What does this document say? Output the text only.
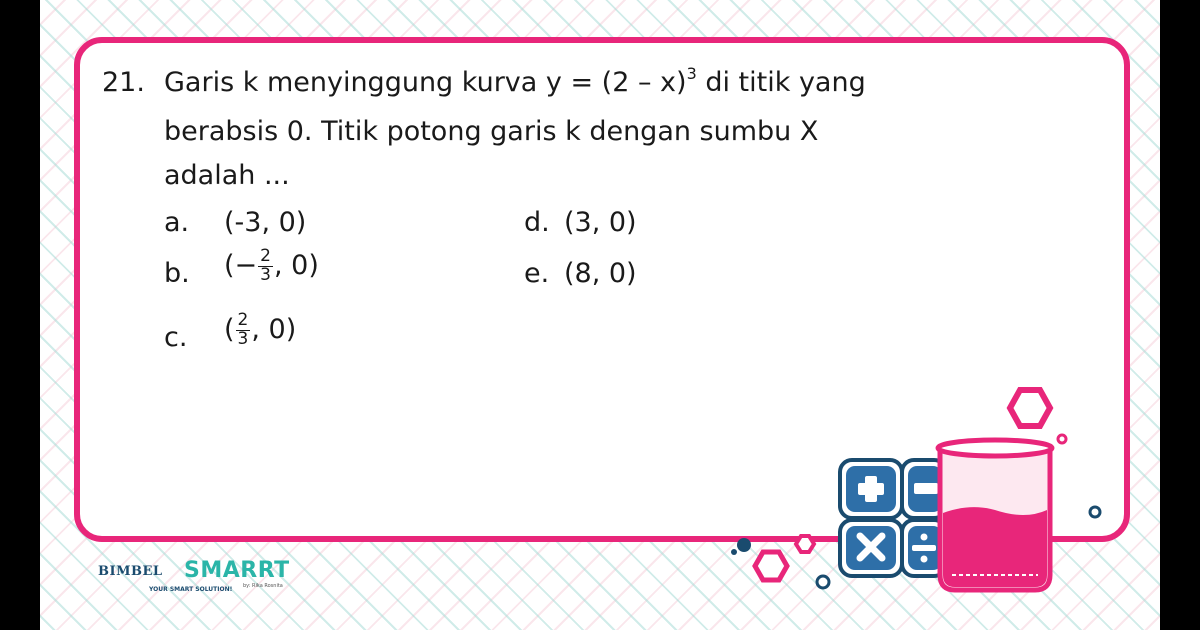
21. Garis k menyinggung kurva y = (2 – x)$^3$ di titik yang
berabsis 0. Titik potong garis k dengan sumbu X
adalah ...
a. (-3, 0)
b. (− $\frac{2}{3}$ , 0)
c. ( $\frac{2}{3}$ , 0)
d. (3, 0)
e. (8, 0)
BIMBEL SMARRT
YOUR SMART SOLUTION! by: Rika Rosnita
